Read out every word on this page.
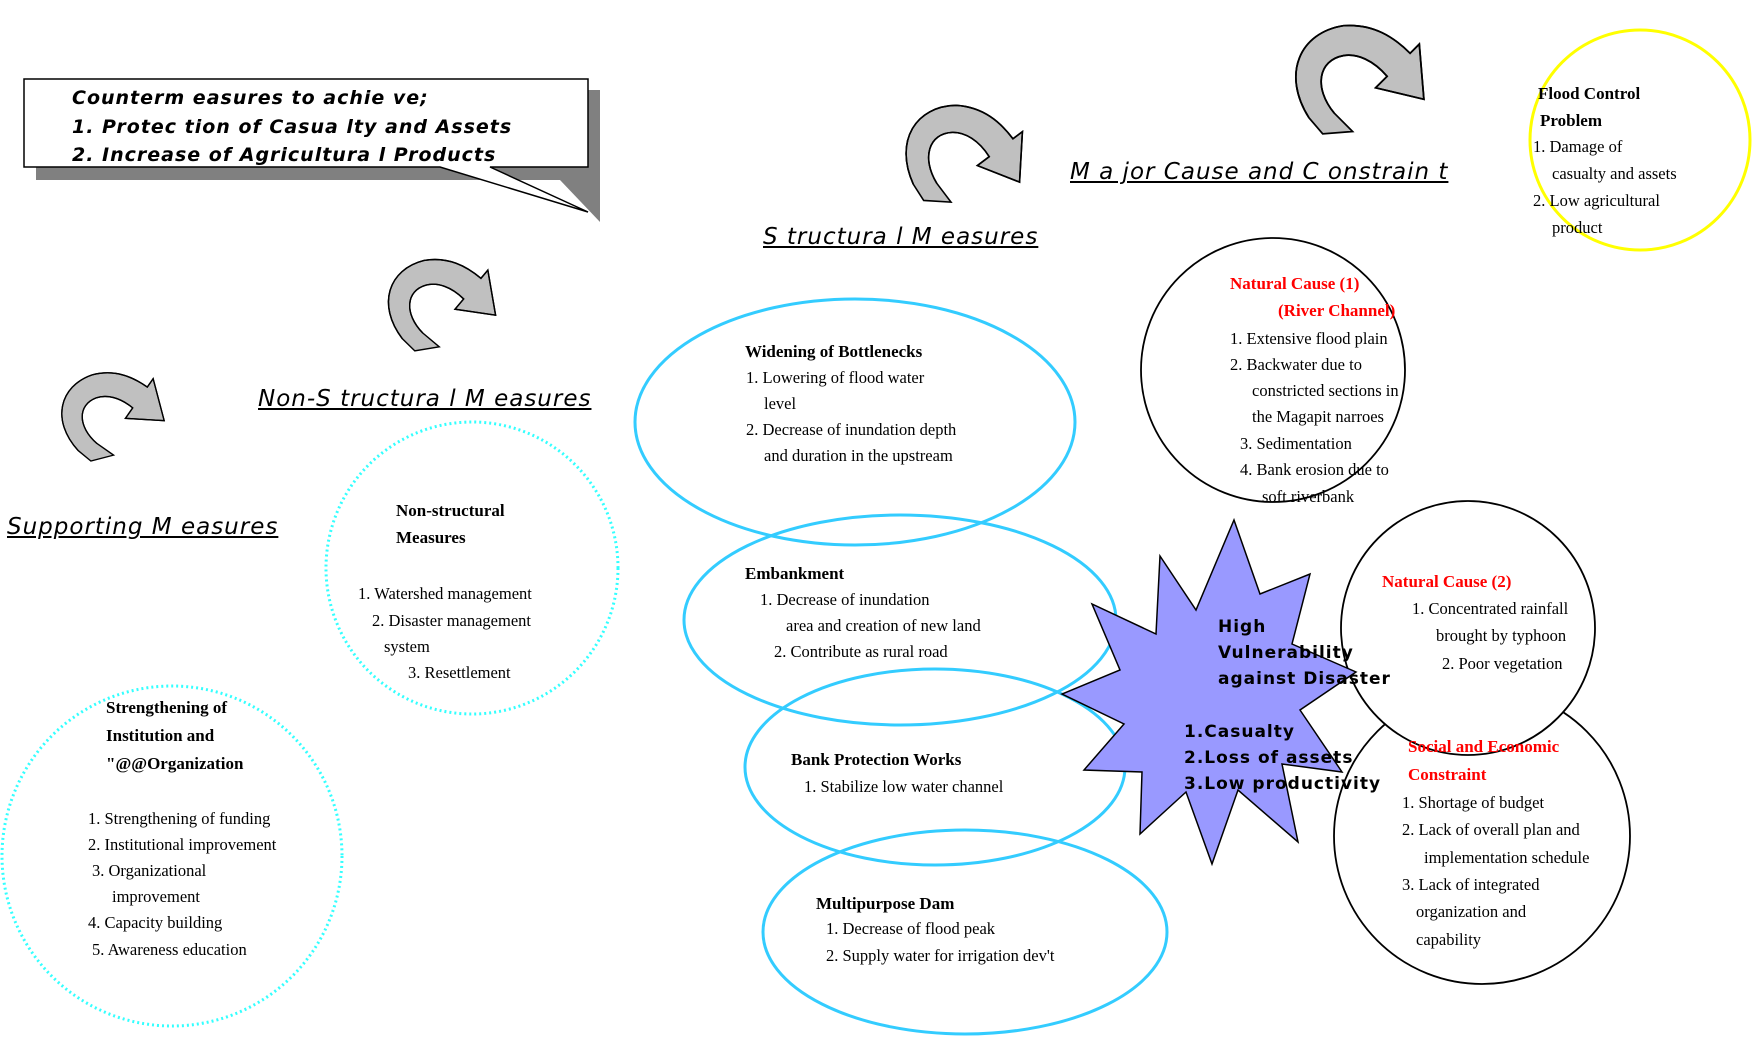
Counterm easures to achie ve;
1. Protec tion of Casua lty and Assets
2. Increase of Agricultura l Products
M a jor Cause and C onstrain t
S tructura l M easures
Non-S tructura l M easures
Supporting M easures
Flood Control
Problem
1. Damage of
casualty and assets
2. Low agricultural
product
Natural Cause (1)
(River Channel)
1. Extensive flood plain
2. Backwater due to
constricted sections in
the Magapit narroes
3. Sedimentation
4. Bank erosion due to
soft riverbank
Natural Cause (2)
1. Concentrated rainfall
brought by typhoon
2. Poor vegetation
Social and Economic
Constraint
1. Shortage of budget
2. Lack of overall plan and
implementation schedule
3. Lack of integrated
organization and
capability
High
Vulnerability
against Disaster
1.Casualty
2.Loss of assets
3.Low productivity
Widening of Bottlenecks
1. Lowering of flood water
level
2. Decrease of inundation depth
and duration in the upstream
Embankment
1. Decrease of inundation
area and creation of new land
2. Contribute as rural road
Bank Protection Works
1. Stabilize low water channel
Multipurpose Dam
1. Decrease of flood peak
2. Supply water for irrigation dev't
Non-structural
Measures
1. Watershed management
2. Disaster management
system
3. Resettlement
Strengthening of
Institution and
"@@Organization
1. Strengthening of funding
2. Institutional improvement
3. Organizational
improvement
4. Capacity building
5. Awareness education
